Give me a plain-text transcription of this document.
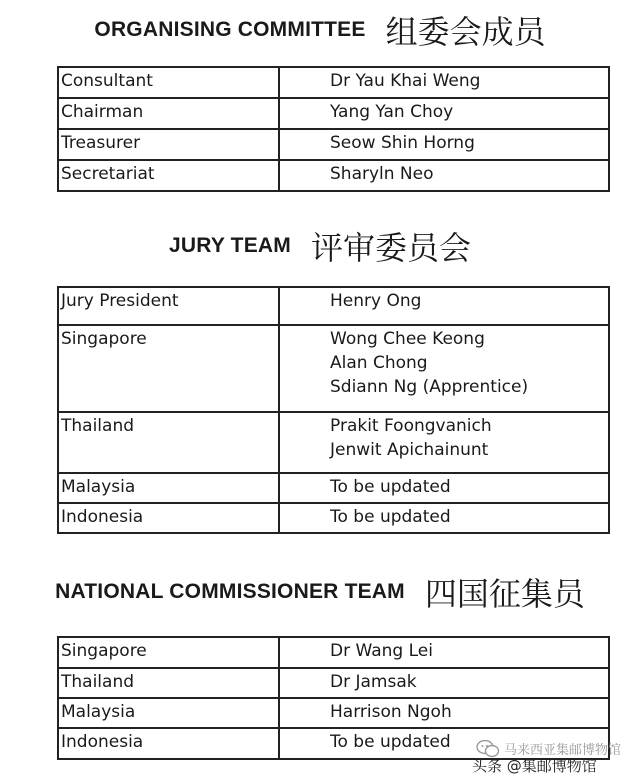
ORGANISING COMMITTEE 组委会成员
Consultant	Dr Yau Khai Weng

Chairman	Yang Yan Choy

Treasurer	Seow Shin Horng

Secretariat	Sharyln Neo
JURY TEAM 评审委员会
Jury President	Henry Ong

Singapore	Wong Chee Keong
Alan Chong
Sdiann Ng (Apprentice)

Thailand	Prakit Foongvanich
Jenwit Apichainunt

Malaysia	To be updated

Indonesia	To be updated
NATIONAL COMMISSIONER TEAM 四国征集员
Singapore	Dr Wang Lei

Thailand	Dr Jamsak

Malaysia	Harrison Ngoh

Indonesia	To be updated	马来西亚集邮博物馆
头条 @集邮博物馆
